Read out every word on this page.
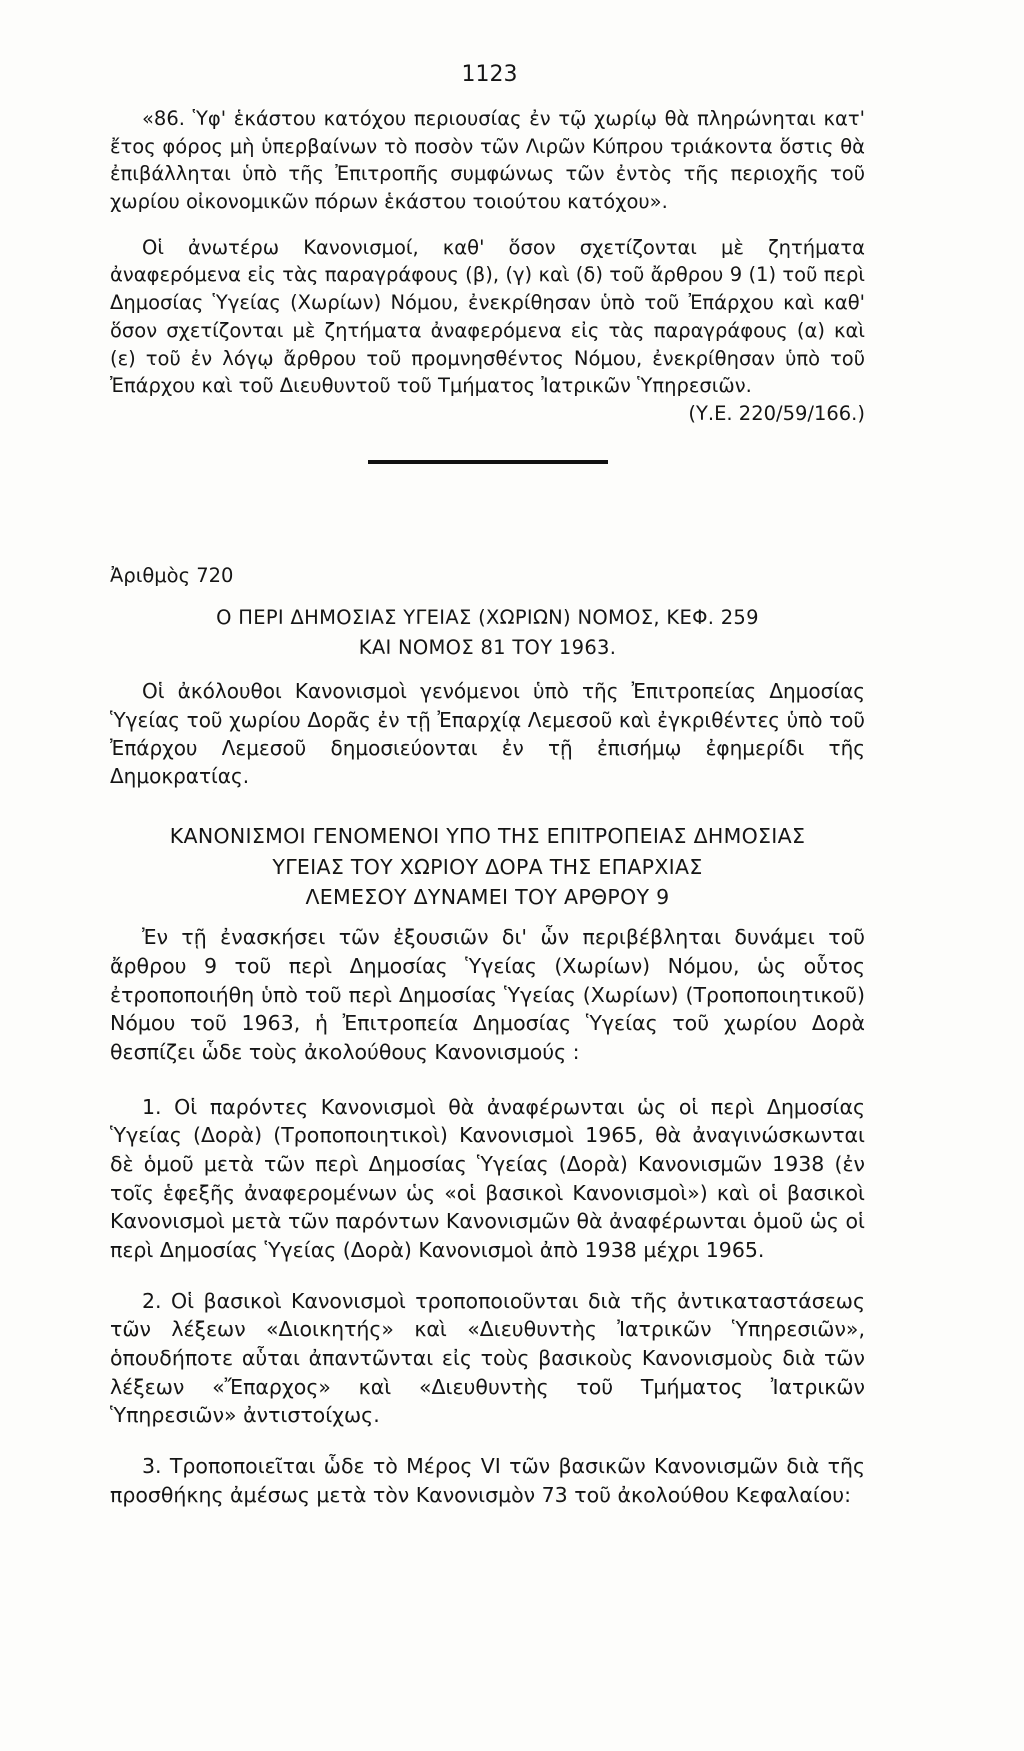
1123

«86. Ὑφ' ἑκάστου κατόχου περιουσίας ἐν τῷ χωρίῳ θὰ πληρώνηται κατ' ἔτος φόρος μὴ ὑπερβαίνων τὸ ποσὸν τῶν Λιρῶν Κύπρου τριάκοντα ὅστις θὰ ἐπιβάλληται ὑπὸ τῆς Ἐπιτροπῆς συμφώνως τῶν ἐντὸς τῆς περιοχῆς τοῦ χωρίου οἰκονομικῶν πόρων ἑκάστου τοιούτου κατόχου».

Οἱ ἀνωτέρω Κανονισμοί, καθ' ὅσον σχετίζονται μὲ ζητήματα ἀναφερόμενα εἰς τὰς παραγράφους (β), (γ) καὶ (δ) τοῦ ἄρθρου 9 (1) τοῦ περὶ Δημοσίας Ὑγείας (Χωρίων) Νόμου, ἐνεκρίθησαν ὑπὸ τοῦ Ἐπάρχου καὶ καθ' ὅσον σχετίζονται μὲ ζητήματα ἀναφερόμενα εἰς τὰς παραγράφους (α) καὶ (ε) τοῦ ἐν λόγῳ ἄρθρου τοῦ προμνησθέντος Νόμου, ἐνεκρίθησαν ὑπὸ τοῦ Ἐπάρχου καὶ τοῦ Διευθυντοῦ τοῦ Τμήματος Ἰατρικῶν Ὑπηρεσιῶν.
(Υ.Ε. 220/59/166.)

Ἀριθμὸς 720
Ο ΠΕΡΙ ΔΗΜΟΣΙΑΣ ΥΓΕΙΑΣ (ΧΩΡΙΩΝ) ΝΟΜΟΣ, ΚΕΦ. 259
ΚΑΙ ΝΟΜΟΣ 81 ΤΟΥ 1963.

Οἱ ἀκόλουθοι Κανονισμοὶ γενόμενοι ὑπὸ τῆς Ἐπιτροπείας Δημοσίας Ὑγείας τοῦ χωρίου Δορᾶς ἐν τῇ Ἐπαρχίᾳ Λεμεσοῦ καὶ ἐγκριθέντες ὑπὸ τοῦ Ἐπάρχου Λεμεσοῦ δημοσιεύονται ἐν τῇ ἐπισήμῳ ἐφημερίδι τῆς Δημοκρατίας.

ΚΑΝΟΝΙΣΜΟΙ ΓΕΝΟΜΕΝΟΙ ΥΠΟ ΤΗΣ ΕΠΙΤΡΟΠΕΙΑΣ ΔΗΜΟΣΙΑΣ
ΥΓΕΙΑΣ ΤΟΥ ΧΩΡΙΟΥ ΔΟΡΑ ΤΗΣ ΕΠΑΡΧΙΑΣ
ΛΕΜΕΣΟΥ ΔΥΝΑΜΕΙ ΤΟΥ ΑΡΘΡΟΥ 9

Ἐν τῇ ἐνασκήσει τῶν ἐξουσιῶν δι' ὧν περιβέβληται δυνάμει τοῦ ἄρθρου 9 τοῦ περὶ Δημοσίας Ὑγείας (Χωρίων) Νόμου, ὡς οὗτος ἐτροποποιήθη ὑπὸ τοῦ περὶ Δημοσίας Ὑγείας (Χωρίων) (Τροποποιητικοῦ) Νόμου τοῦ 1963, ἡ Ἐπιτροπεία Δημοσίας Ὑγείας τοῦ χωρίου Δορὰ θεσπίζει ὧδε τοὺς ἀκολούθους Κανονισμούς :

1. Οἱ παρόντες Κανονισμοὶ θὰ ἀναφέρωνται ὡς οἱ περὶ Δημοσίας Ὑγείας (Δορὰ) (Τροποποιητικοὶ) Κανονισμοὶ 1965, θὰ ἀναγινώσκωνται δὲ ὁμοῦ μετὰ τῶν περὶ Δημοσίας Ὑγείας (Δορὰ) Κανονισμῶν 1938 (ἐν τοῖς ἑφεξῆς ἀναφερομένων ὡς «οἱ βασικοὶ Κανονισμοὶ») καὶ οἱ βασικοὶ Κανονισμοὶ μετὰ τῶν παρόντων Κανονισμῶν θὰ ἀναφέρωνται ὁμοῦ ὡς οἱ περὶ Δημοσίας Ὑγείας (Δορὰ) Κανονισμοὶ ἀπὸ 1938 μέχρι 1965.

2. Οἱ βασικοὶ Κανονισμοὶ τροποποιοῦνται διὰ τῆς ἀντικαταστάσεως τῶν λέξεων «Διοικητής» καὶ «Διευθυντὴς Ἰατρικῶν Ὑπηρεσιῶν», ὁπουδήποτε αὗται ἀπαντῶνται εἰς τοὺς βασικοὺς Κανονισμοὺς διὰ τῶν λέξεων «Ἔπαρχος» καὶ «Διευθυντὴς τοῦ Τμήματος Ἰατρικῶν Ὑπηρεσιῶν» ἀντιστοίχως.

3. Τροποποιεῖται ὧδε τὸ Μέρος VI τῶν βασικῶν Κανονισμῶν διὰ τῆς προσθήκης ἀμέσως μετὰ τὸν Κανονισμὸν 73 τοῦ ἀκολούθου Κεφαλαίου:
